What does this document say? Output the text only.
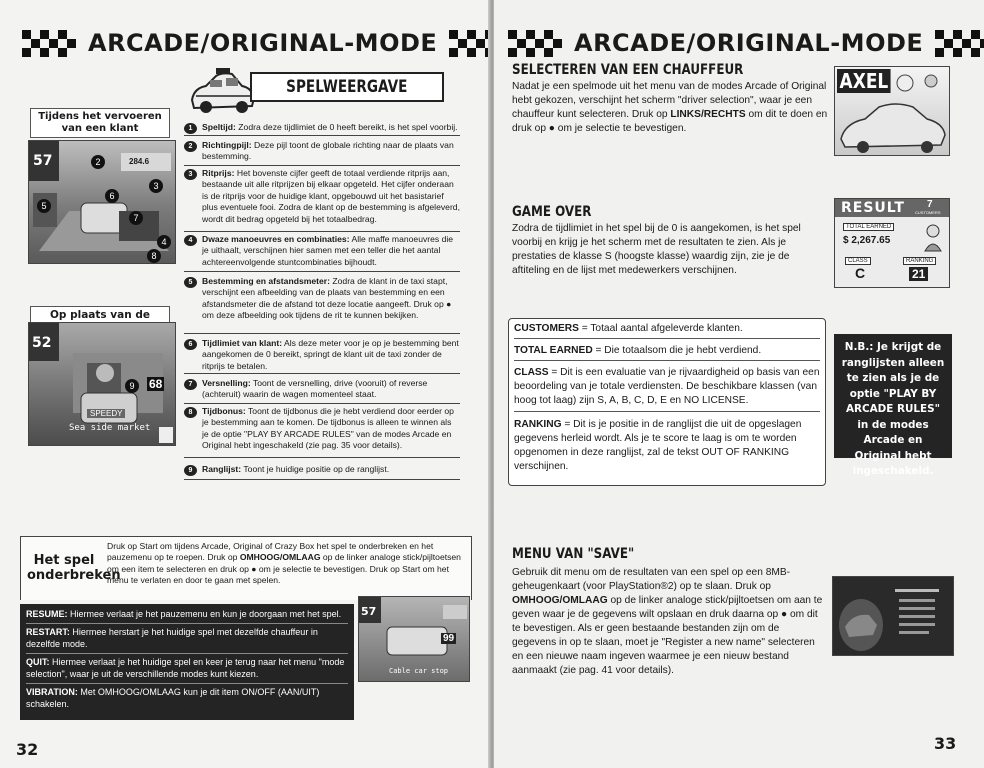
ARCADE/ORIGINAL-MODE
SPELWEERGAVE
Tijdens het vervoeren van een klant
57	2
3
4
5
6
7
8
284.6
Op plaats van de
52
68
SPEEDY
Sea side market
9
1	Speltijd: Zodra deze tijdlimiet de 0 heeft bereikt, is het spel voorbij.
2	Richtingpijl: Deze pijl toont de globale richting naar de plaats van bestemming.
3	Ritprijs: Het bovenste cijfer geeft de totaal verdiende ritprijs aan, bestaande uit alle ritprijzen bij elkaar opgeteld. Het cijfer onderaan is de ritprijs voor de huidige klant, opgebouwd uit het basistarief plus eventuele fooi. Zodra de klant op de bestemming is afgeleverd, wordt dit bedrag opgeteld bij het totaalbedrag.
4	Dwaze manoeuvres en combinaties: Alle maffe manoeuvres die je uithaalt, verschijnen hier samen met een teller die het aantal achtereenvolgende stuntcombinaties bijhoudt.
5	Bestemming en afstandsmeter: Zodra de klant in de taxi stapt, verschijnt een afbeelding van de plaats van bestemming en een afstandsmeter die de afstand tot deze locatie aangeeft. Druk op ● om deze afbeelding ook tijdens de rit te kunnen bekijken.
6	Tijdlimiet van klant: Als deze meter voor je op je bestemming bent aangekomen de 0 bereikt, springt de klant uit de taxi zonder de ritprijs te betalen.
7	Versnelling: Toont de versnelling, drive (vooruit) of reverse (achteruit) waarin de wagen momenteel staat.
8	Tijdbonus: Toont de tijdbonus die je hebt verdiend door eerder op je bestemming aan te komen. De tijdbonus is alleen te winnen als je de optie "PLAY BY ARCADE RULES" van de modes Arcade en Original hebt ingeschakeld (zie pag. 35 voor details).
9	Ranglijst: Toont je huidige positie op de ranglijst.
Het spel onderbreken
Druk op Start om tijdens Arcade, Original of Crazy Box het spel te onderbreken en het pauzemenu op te roepen. Druk op OMHOOG/OMLAAG op de linker analoge stick/pijltoetsen om een item te selecteren en druk op ● om je selectie te bevestigen. Druk op Start om het menu te verlaten en door te gaan met spelen.
RESUME: Hiermee verlaat je het pauzemenu en kun je doorgaan met het spel.
RESTART: Hiermee herstart je het huidige spel met dezelfde chauffeur in dezelfde mode.
QUIT: Hiermee verlaat je het huidige spel en keer je terug naar het menu "mode selection", waar je uit de verschillende modes kunt kiezen.
VIBRATION: Met OMHOOG/OMLAAG kun je dit item ON/OFF (AAN/UIT) schakelen.
57
99
Cable car stop
32
ARCADE/ORIGINAL-MODE
SELECTEREN VAN EEN CHAUFFEUR
Nadat je een spelmode uit het menu van de modes Arcade of Original hebt gekozen, verschijnt het scherm "driver selection", waar je een chauffeur kunt selecteren. Druk op LINKS/RECHTS om dit te doen en druk op ● om je selectie te bevestigen.
AXEL
GAME OVER
Zodra de tijdlimiet in het spel bij de 0 is aangekomen, is het spel voorbij en krijg je het scherm met de resultaten te zien. Als je prestaties de klasse S (hoogste klasse) waardig zijn, zie je de aftiteling en de lijst met medewerkers verschijnen.
RESULT 7
CUSTOMERS
TOTAL EARNED
$ 2,267.65
CLASS
C
RANKING
21
CUSTOMERS = Totaal aantal afgeleverde klanten.
TOTAL EARNED = Die totaalsom die je hebt verdiend.
CLASS = Dit is een evaluatie van je rijvaardigheid op basis van een beoordeling van je totale verdiensten. De beschikbare klassen (van hoog tot laag) zijn S, A, B, C, D, E en NO LICENSE.
RANKING = Dit is je positie in de ranglijst die uit de opgeslagen gegevens herleid wordt. Als je te score te laag is om te worden opgenomen in deze ranglijst, zal de tekst OUT OF RANKING verschijnen.
N.B.: Je krijgt de ranglijsten alleen te zien als je de optie "PLAY BY ARCADE RULES" in de modes Arcade en Original hebt ingeschakeld.
MENU VAN "SAVE"
Gebruik dit menu om de resultaten van een spel op een 8MB-geheugenkaart (voor PlayStation®2) op te slaan. Druk op OMHOOG/OMLAAG op de linker analoge stick/pijltoetsen om aan te geven waar je de gegevens wilt opslaan en druk daarna op ● om dit te bevestigen. Als er geen bestaande bestanden zijn om de gegevens in op te slaan, moet je "Register a new name" selecteren en een nieuwe naam ingeven waarmee je een nieuw bestand aanmaakt (zie pag. 41 voor details).
33
